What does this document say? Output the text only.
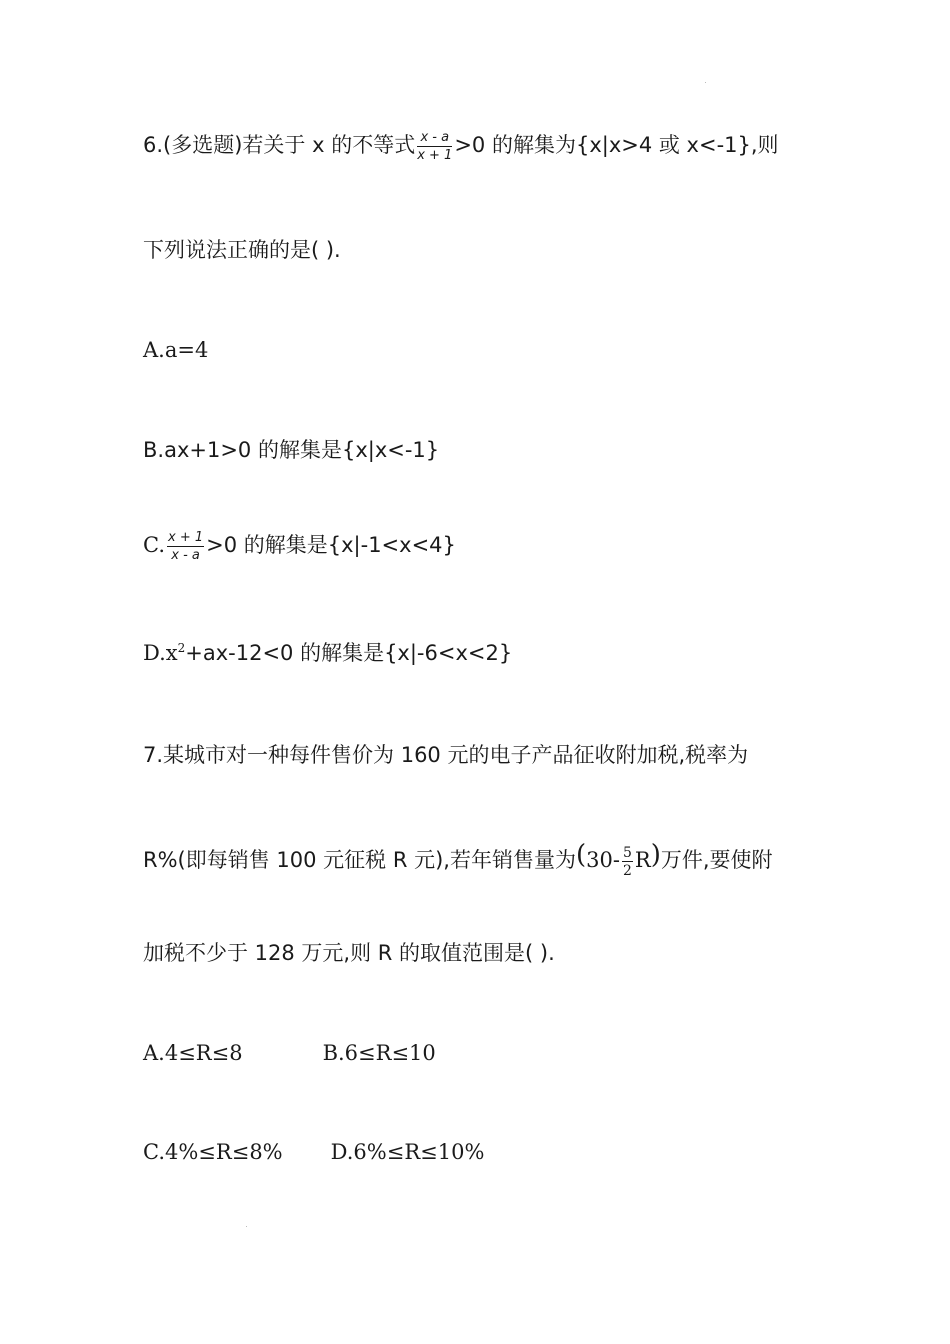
6.(多选题)若关于 x 的不等式 $\frac{x - a}{x + 1} >0$ 的解集为{x|x>4 或 x<-1},则
下列说法正确的是( ).
A.a=4
B.ax+1>0 的解集是{x|x<-1}
C. $\frac{x + 1}{x - a} >0$ 的解集是{x|-1<x<4}
$D.x^2+ax-12<0$ 的解集是{x|-6<x<2}
7.某城市对一种每件售价为 160 元的电子产品征收附加税,税率为
R%(即每销售 100 元征税 R 元),若年销售量为$(30- \frac{5}{2} R)$万件,要使附
加税不少于 128 万元,则 R 的取值范围是( ).
A.4≤R≤8	B.6≤R≤10
C.4%≤R≤8% D.6%≤R≤10%
